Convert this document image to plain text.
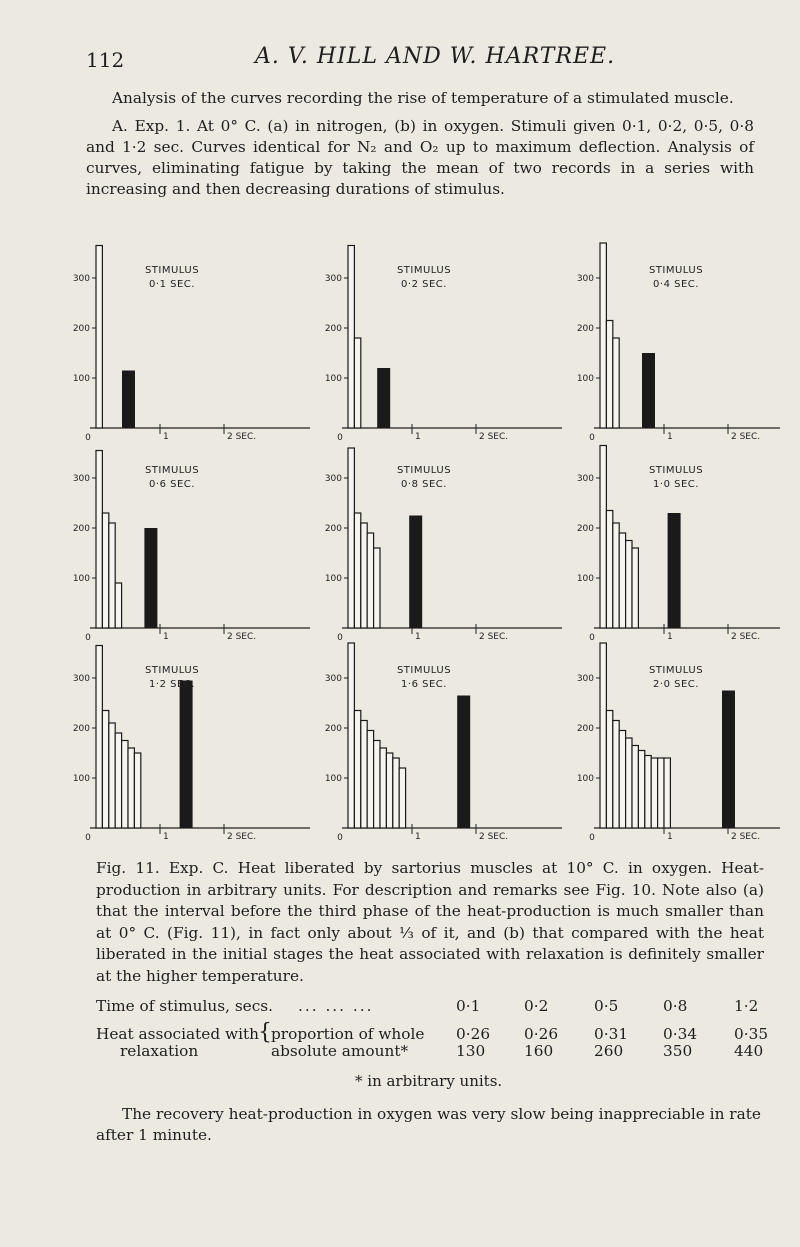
112	A. V. HILL AND W. HARTREE.
Analysis of the curves recording the rise of temperature of a stimulated muscle.
A. Exp. 1. At 0° C. (a) in nitrogen, (b) in oxygen. Stimuli given 0·1, 0·2, 0·5, 0·8 and 1·2 sec. Curves identical for N₂ and O₂ up to maximum deflection. Analysis of curves, eliminating fatigue by taking the mean of two records in a series with increasing and then decreasing durations of stimulus.
300
200
100
0	1	2 SEC.
STIMULUS
0·1 SEC.	300
200
100
0	1	2 SEC.
STIMULUS
0·2 SEC.	300
200
100
0	1	2 SEC.
STIMULUS
0·4 SEC.
300
200
100
0	1	2 SEC.
STIMULUS
0·6 SEC.	300
200
100
0	1	2 SEC.
STIMULUS
0·8 SEC.	300
200
100
0	1	2 SEC.
STIMULUS
1·0 SEC.
300
200
100
0	1	2 SEC.
STIMULUS
1·2 SEC.	300
200
100
0	1	2 SEC.
STIMULUS
1·6 SEC.	300
200
100
0	1	2 SEC.
STIMULUS
2·0 SEC.
Fig. 11. Exp. C. Heat liberated by sartorius muscles at 10° C. in oxygen. Heat-production in arbitrary units. For description and remarks see Fig. 10. Note also (a) that the interval before the third phase of the heat-production is much smaller than at 0° C. (Fig. 11), in fact only about ⅓ of it, and (b) that compared with the heat liberated in the initial stages the heat associated with relaxation is definitely smaller at the higher temperature.
Time of stimulus, secs. ... ... ...	0·1	0·2	0·5	0·8	1·2
Heat associated with { proportion of whole 0·26 0·26 0·31 0·34 0·35
relaxation	absolute amount*	130	160	260	350	440
* in arbitrary units.
The recovery heat-production in oxygen was very slow being inappreciable in rate after 1 minute.
